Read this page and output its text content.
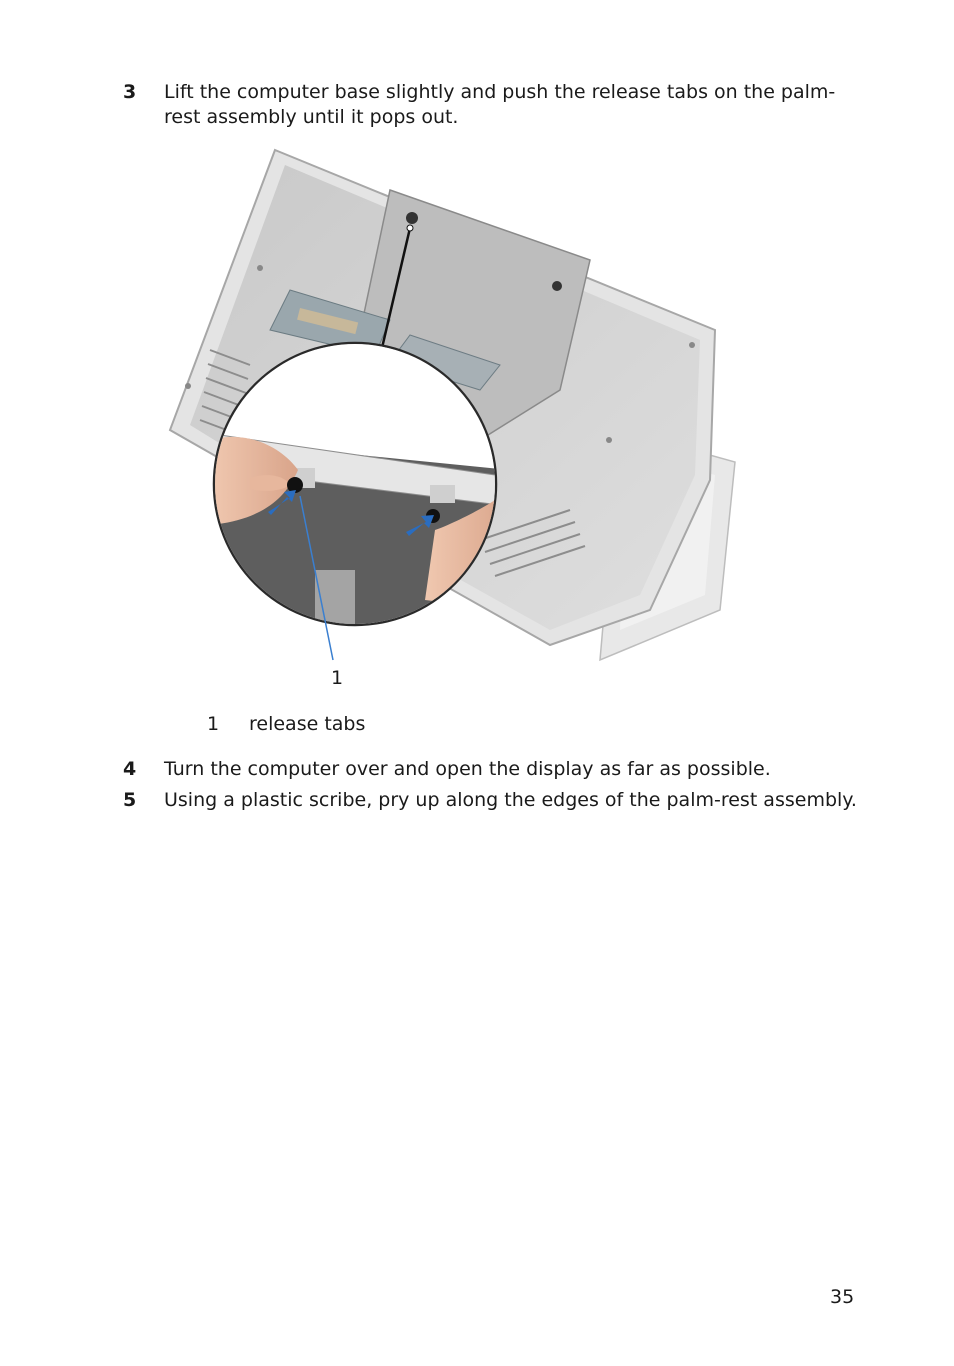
3 Lift the computer base slightly and push the release tabs on the palm-rest assembly until it pops out.
1
1 release tabs
4 Turn the computer over and open the display as far as possible.
5 Using a plastic scribe, pry up along the edges of the palm-rest assembly.
35
